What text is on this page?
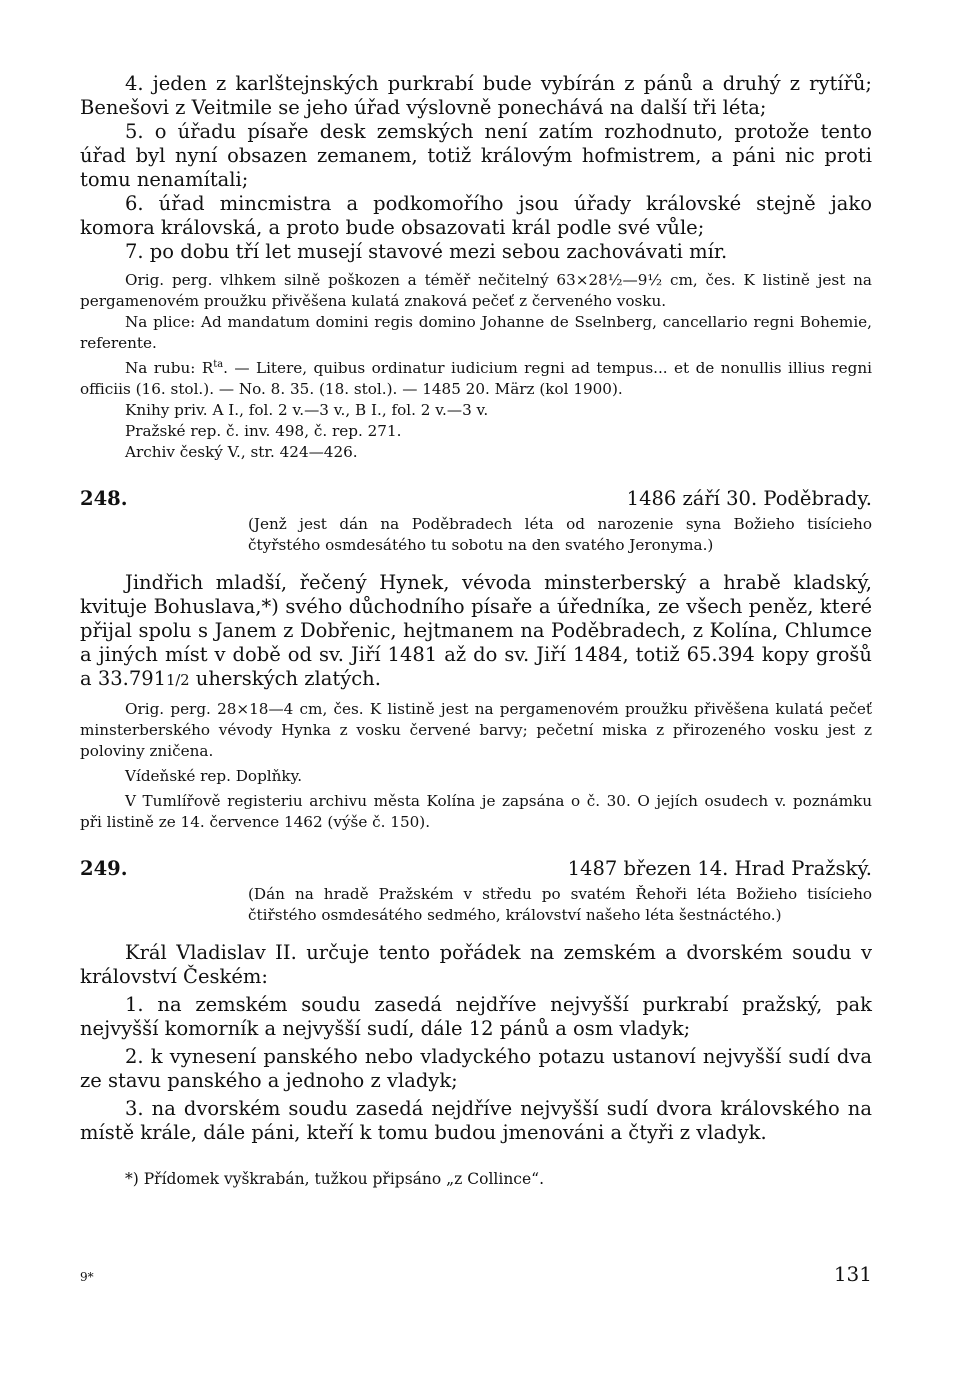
4. jeden z karlštejnských purkrabí bude vybírán z pánů a druhý z rytířů; Benešovi z Veitmile se jeho úřad výslovně ponechává na další tři léta;

5. o úřadu písaře desk zemských není zatím rozhodnuto, protože tento úřad byl nyní obsazen zemanem, totiž královým hofmistrem, a páni nic proti tomu nenamítali;

6. úřad mincmistra a podkomořího jsou úřady královské stejně jako komora královská, a proto bude obsazovati král podle své vůle;

7. po dobu tří let musejí stavové mezi sebou zachovávati mír.

Orig. perg. vlhkem silně poškozen a téměř nečitelný 63×28½—9½ cm, čes. K listině jest na pergamenovém proužku přivěšena kulatá znaková pečeť z červeného vosku.

Na plice: Ad mandatum domini regis domino Johanne de Sselnberg, cancellario regni Bohemie, referente.

Na rubu: $R^{ta}$. — Litere, quibus ordinatur iudicium regni ad tempus... et de nonullis illius regni officiis (16. stol.). — No. 8. 35. (18. stol.). — 1485 20. März (kol 1900).

Knihy priv. A I., fol. 2 v.—3 v., B I., fol. 2 v.—3 v.

Pražské rep. č. inv. 498, č. rep. 271.

Archiv český V., str. 424—426.

248.	1486 září 30. Poděbrady.

(Jenž jest dán na Poděbradech léta od narozenie syna Božieho tisícieho čtyřstého osmdesátého tu sobotu na den svatého Jeronyma.)

Jindřich mladší, řečený Hynek, vévoda minsterberský a hrabě kladský, kvituje Bohuslava,*) svého důchodního písaře a úředníka, ze všech peněz, které přijal spolu s Janem z Dobřenic, hejtmanem na Poděbradech, z Kolína, Chlumce a jiných míst v době od sv. Jiří 1481 až do sv. Jiří 1484, totiž 65.394 kopy grošů a 33.7911/2 uherských zlatých.

Orig. perg. 28×18—4 cm, čes. K listině jest na pergamenovém proužku přivěšena kulatá pečeť minsterberského vévody Hynka z vosku červené barvy; pečetní miska z přirozeného vosku jest z poloviny zničena.

Vídeňské rep. Doplňky.

V Tumlířově registeriu archivu města Kolína je zapsána o č. 30. O jejích osudech v. poznámku při listině ze 14. července 1462 (výše č. 150).

249.	1487 březen 14. Hrad Pražský.

(Dán na hradě Pražském v středu po svatém Řehoři léta Božieho tisícieho čtiřstého osmdesátého sedmého, království našeho léta šestnáctého.)

Král Vladislav II. určuje tento pořádek na zemském a dvorském soudu v království Českém:

1. na zemském soudu zasedá nejdříve nejvyšší purkrabí pražský, pak nejvyšší komorník a nejvyšší sudí, dále 12 pánů a osm vladyk;

2. k vynesení panského nebo vladyckého potazu ustanoví nejvyšší sudí dva ze stavu panského a jednoho z vladyk;

3. na dvorském soudu zasedá nejdříve nejvyšší sudí dvora královského na místě krále, dále páni, kteří k tomu budou jmenováni a čtyři z vladyk.

*) Přídomek vyškrabán, tužkou připsáno „z Collince“.

9*	131
